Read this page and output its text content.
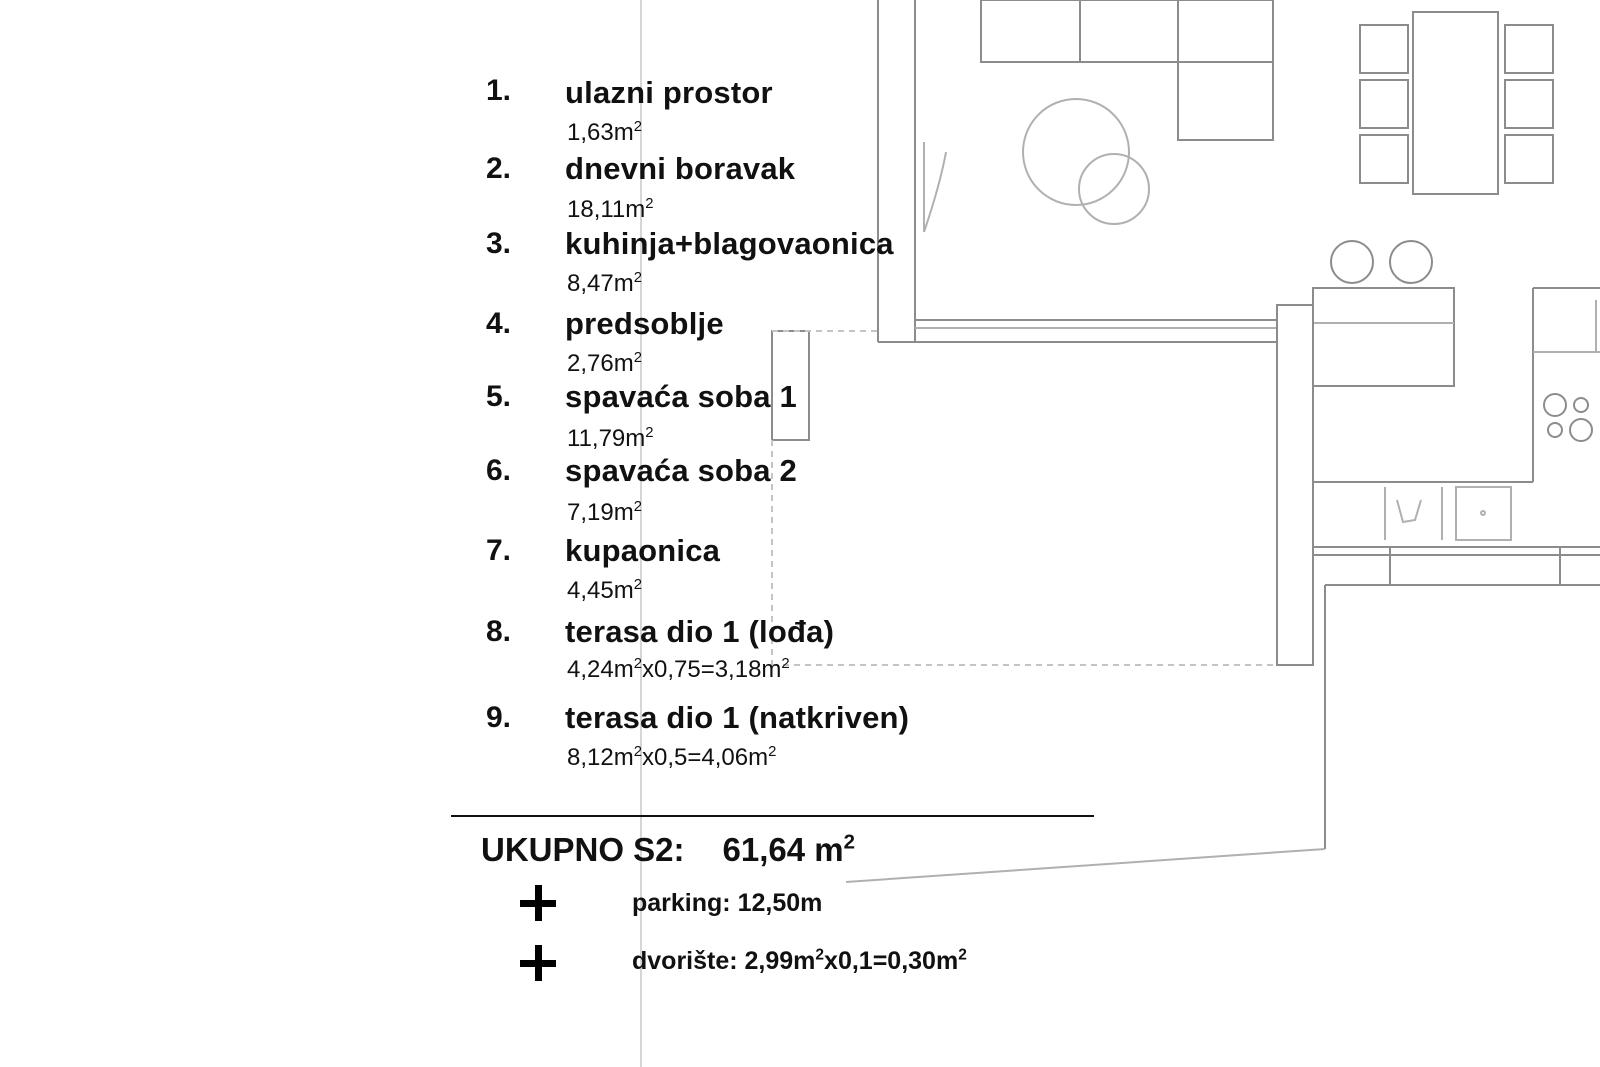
1. ulazni prostor
$1,63m^2$
2. dnevni boravak
$18,11m^2$
3. kuhinja+blagovaonica
$8,47m^2$
4. predsoblje
$2,76m^2$
5. spavaća soba 1
$11,79m^2$
6. spavaća soba 2
$7,19m^2$
7. kupaonica
$4,45m^2$
8. terasa dio 1 (lođa)
$4,24m^2x0,75=3,18m^2$
9. terasa dio 1 (natkriven)
$8,12m^2x0,5=4,06m^2$
UKUPNO S2: 61,64 $m^2$
parking: 12,50m
dvorište: $2,99m^2x0,1=0,30m^2$
